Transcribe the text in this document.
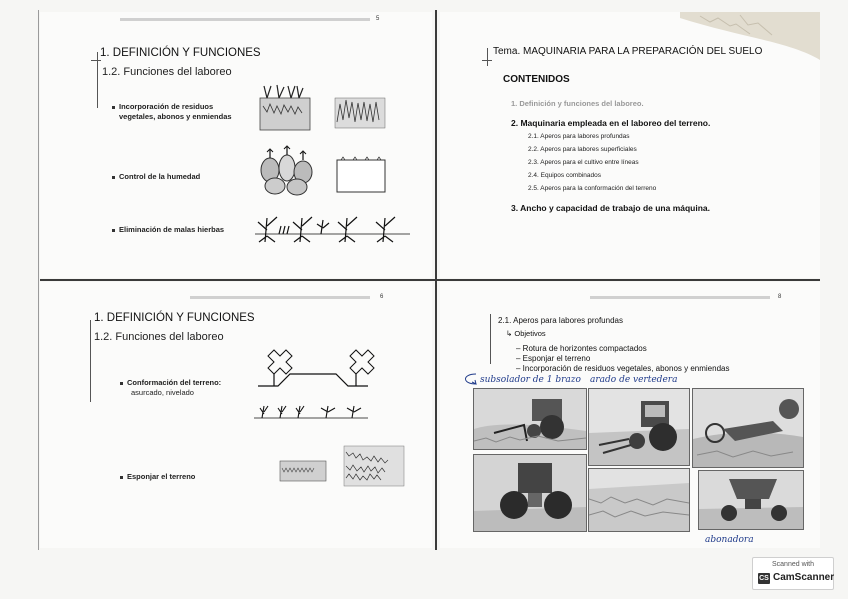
5
1. DEFINICIÓN Y FUNCIONES
1.2. Funciones del laboreo
Incorporación de residuos
vegetales, abonos y enmiendas
Control de la humedad
Eliminación de malas hierbas
Tema. MAQUINARIA PARA LA PREPARACIÓN DEL SUELO
CONTENIDOS
1. Definición y funciones del laboreo.
2. Maquinaria empleada en el laboreo del terreno.
2.1. Aperos para labores profundas
2.2. Aperos para labores superficiales
2.3. Aperos para el cultivo entre líneas
2.4. Equipos combinados
2.5. Aperos para la conformación del terreno
3. Ancho y capacidad de trabajo de una máquina.
6
1. DEFINICIÓN Y FUNCIONES
1.2. Funciones del laboreo
Conformación del terreno:
asurcado, nivelado
Esponjar el terreno
8
2.1. Aperos para labores profundas
↳ Objetivos
– Rotura de horizontes compactados
– Esponjar el terreno
– Incorporación de residuos vegetales, abonos y enmiendas
subsolador de 1 brazo arado de vertedera
abonadora
Scanned with
CS CamScanner
